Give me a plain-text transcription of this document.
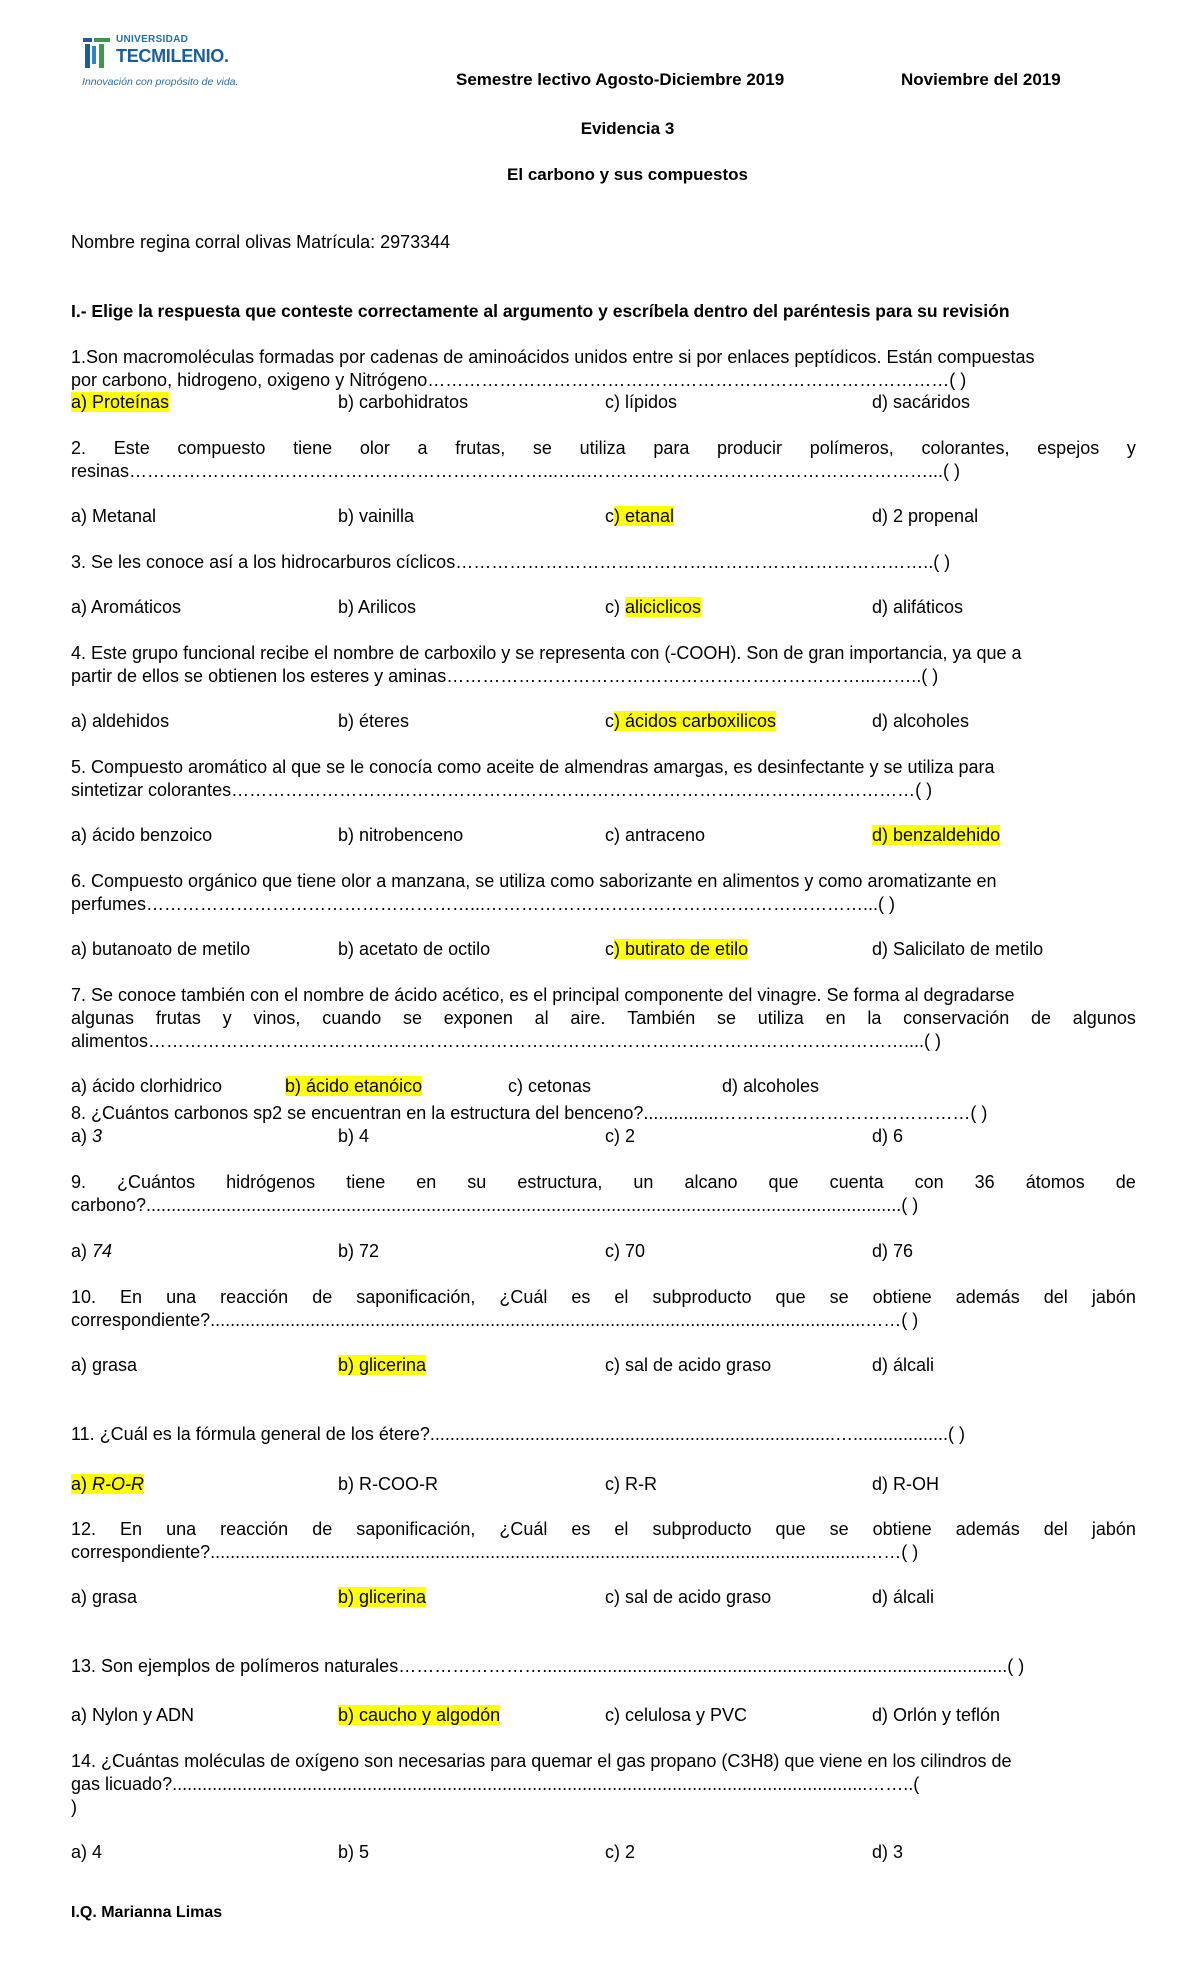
UNIVERSIDAD
TECMILENIO.
Innovación con propósito de vida.	Semestre lectivo Agosto-Diciembre 2019	Noviembre del 2019
Evidencia 3
El carbono y sus compuestos
Nombre regina corral olivas Matrícula: 2973344
I.- Elige la respuesta que conteste correctamente al argumento y escríbela dentro del paréntesis para su revisión
1.Son macromoléculas formadas por cadenas de aminoácidos unidos entre si por enlaces peptídicos. Están compuestas
por carbono, hidrogeno, oxigeno y Nitrógeno……………………………………………………………………………( )
a) Proteínas	b) carbohidratos	c) lípidos	d) sacáridos
2. Este compuesto tiene olor a frutas, se utiliza para producir polímeros, colorantes, espejos y
resinas……………………………………………………………...…..…………………………………………………...( )
a) Metanal	b) vainilla	c) etanal	d) 2 propenal
3. Se les conoce así a los hidrocarburos cíclicos……………………………………………………………………..( )
a) Aromáticos	b) Arilicos	c) aliciclicos	d) alifáticos
4. Este grupo funcional recibe el nombre de carboxilo y se representa con (-COOH). Son de gran importancia, ya que a
partir de ellos se obtienen los esteres y aminas……………………………………………………………...……..( )
a) aldehidos	b) éteres	c) ácidos carboxilicos	d) alcoholes
5. Compuesto aromático al que se le conocía como aceite de almendras amargas, es desinfectante y se utiliza para
sintetizar colorantes……………………………………………………………………………………………………( )
a) ácido benzoico	b) nitrobenceno	c) antraceno	d) benzaldehido
6. Compuesto orgánico que tiene olor a manzana, se utiliza como saborizante en alimentos y como aromatizante en
perfumes………………………………………………...………………………………………………………...( )
a) butanoato de metilo	b) acetato de octilo	c) butirato de etilo	d) Salicilato de metilo
7. Se conoce también con el nombre de ácido acético, es el principal componente del vinagre. Se forma al degradarse
algunas frutas y vinos, cuando se exponen al aire. También se utiliza en la conservación de algunos
alimentos………………………………………………………………………………………………………………....( )
a) ácido clorhidrico	b) ácido etanóico	c) cetonas	d) alcoholes
8. ¿Cuántos carbonos sp2 se encuentran en la estructura del benceno?...............……………………………………( )
a) 3	b) 4	c) 2	d) 6
9. ¿Cuántos hidrógenos tiene en su estructura, un alcano que cuenta con 36 átomos de
carbono?.......................................................................................................................................................( )
a) 74	b) 72	c) 70	d) 76
10. En una reacción de saponificación, ¿Cuál es el subproducto que se obtiene además del jabón
correspondiente?...................................................................................................................................……( )
a) grasa	b) glicerina	c) sal de acido graso	d) álcali
11. ¿Cuál es la fórmula general de los étere?.................................................................................…...................( )
a) R-O-R	b) R-COO-R	c) R-R	d) R-OH
12. En una reacción de saponificación, ¿Cuál es el subproducto que se obtiene además del jabón
correspondiente?...................................................................................................................................……( )
a) grasa	b) glicerina	c) sal de acido graso	d) álcali
13. Son ejemplos de polímeros naturales…………………….............................................................................................( )
a) Nylon y ADN	b) caucho y algodón	c) celulosa y PVC	d) Orlón y teflón
14. ¿Cuántas moléculas de oxígeno son necesarias para quemar el gas propano (C3H8) que viene en los cilindros de
gas licuado?...........................................................................................................................................……..(
)
a) 4	b) 5	c) 2	d) 3
I.Q. Marianna Limas
